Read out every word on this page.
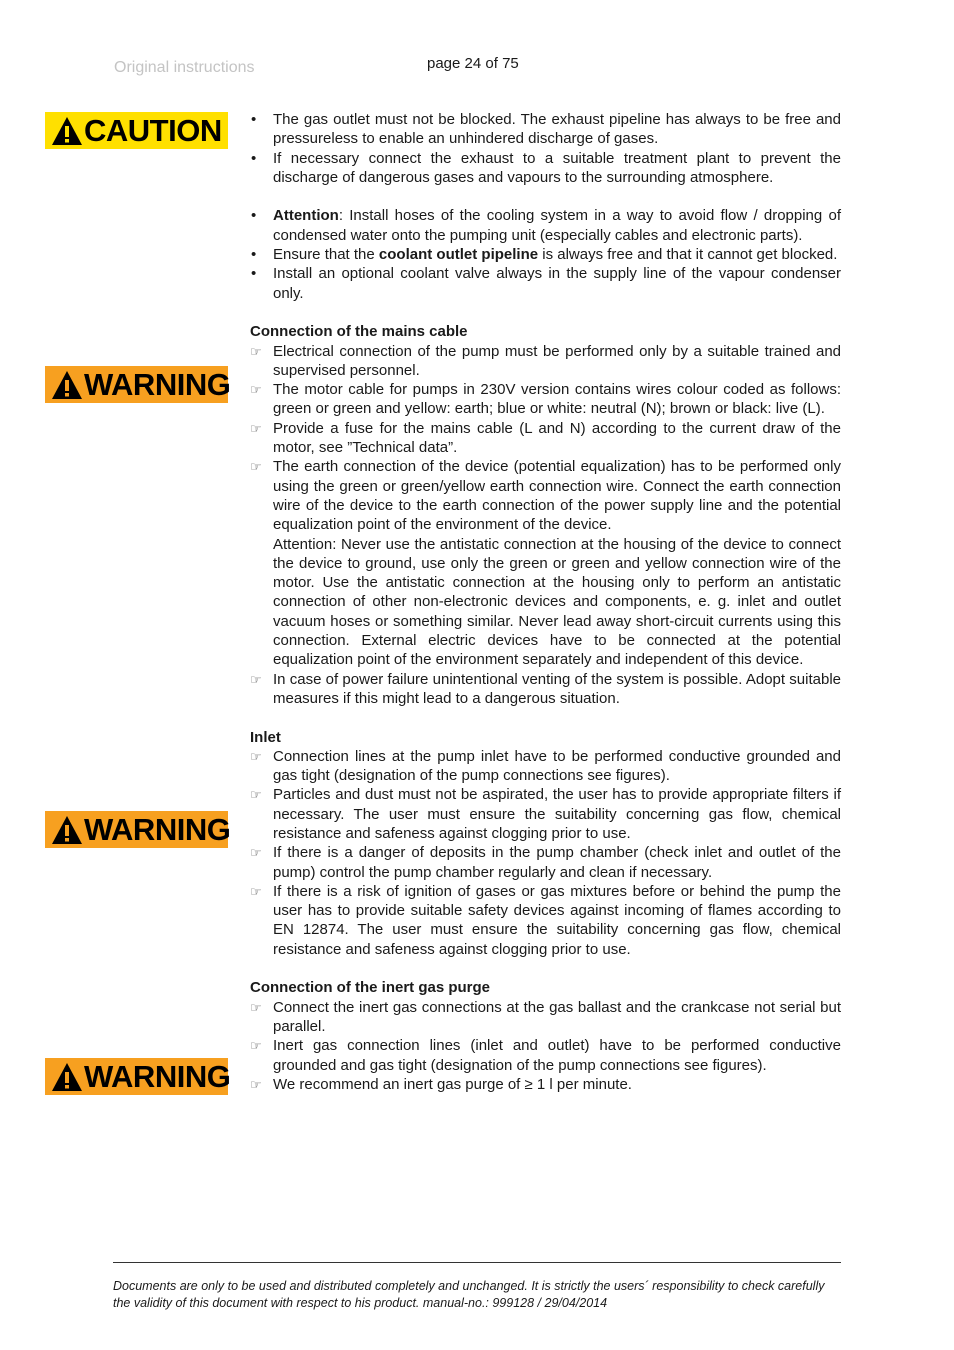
Original instructions	page 24 of 75
CAUTION
WARNING
WARNING
WARNING
•	The gas outlet must not be blocked. The exhaust pipeline has always to be free and pressureless to enable an unhindered discharge of gases.
•	If necessary connect the exhaust to a suitable treatment plant to prevent the discharge of dangerous gases and vapours to the surrounding atmosphere.
•	Attention: Install hoses of the cooling system in a way to avoid flow / dropping of condensed water onto the pumping unit (especially cables and electronic parts).
•	Ensure that the coolant outlet pipeline is always free and that it cannot get blocked.
•	Install an optional coolant valve always in the supply line of the vapour condenser only.
Connection of the mains cable
☞ Electrical connection of the pump must be performed only by a suitable trained and supervised personnel.
☞ The motor cable for pumps in 230V version contains wires colour coded as follows: green or green and yellow: earth; blue or white: neutral (N); brown or black: live (L).
☞ Provide a fuse for the mains cable (L and N) according to the current draw of the motor, see ”Technical data”.
☞ The earth connection of the device (potential equalization) has to be performed only using the green or green/yellow earth connection wire. Connect the earth connection wire of the device to the earth connection of the power supply line and the potential equalization point of the environment of the device.
Attention: Never use the antistatic connection at the housing of the device to connect the device to ground, use only the green or green and yellow connection wire of the motor. Use the antistatic connection at the housing only to perform an antistatic connection of other non-electronic devices and components, e. g. inlet and outlet vacuum hoses or something similar. Never lead away short-circuit currents using this connection. External electric devices have to be connected at the potential equalization point of the environment separately and independent of this device.
☞ In case of power failure unintentional venting of the system is possible. Adopt suitable measures if this might lead to a dangerous situation.
Inlet
☞ Connection lines at the pump inlet have to be performed conductive grounded and gas tight (designation of the pump connections see figures).
☞ Particles and dust must not be aspirated, the user has to provide appropriate filters if necessary. The user must ensure the suitability concerning gas flow, chemical resistance and safeness against clogging prior to use.
☞ If there is a danger of deposits in the pump chamber (check inlet and outlet of the pump) control the pump chamber regularly and clean if necessary.
☞ If there is a risk of ignition of gases or gas mixtures before or behind the pump the user has to provide suitable safety devices against incoming of flames according to EN 12874. The user must ensure the suitability concerning gas flow, chemical resistance and safeness against clogging prior to use.
Connection of the inert gas purge
☞ Connect the inert gas connections at the gas ballast and the crankcase not serial but parallel.
☞ Inert gas connection lines (inlet and outlet) have to be performed conductive grounded and gas tight (designation of the pump connections see figures).
☞ We recommend an inert gas purge of ≥ 1 l per minute.
Documents are only to be used and distributed completely and unchanged. It is strictly the users´ responsibility to check carefully the validity of this document with respect to his product. manual-no.: 999128 / 29/04/2014
